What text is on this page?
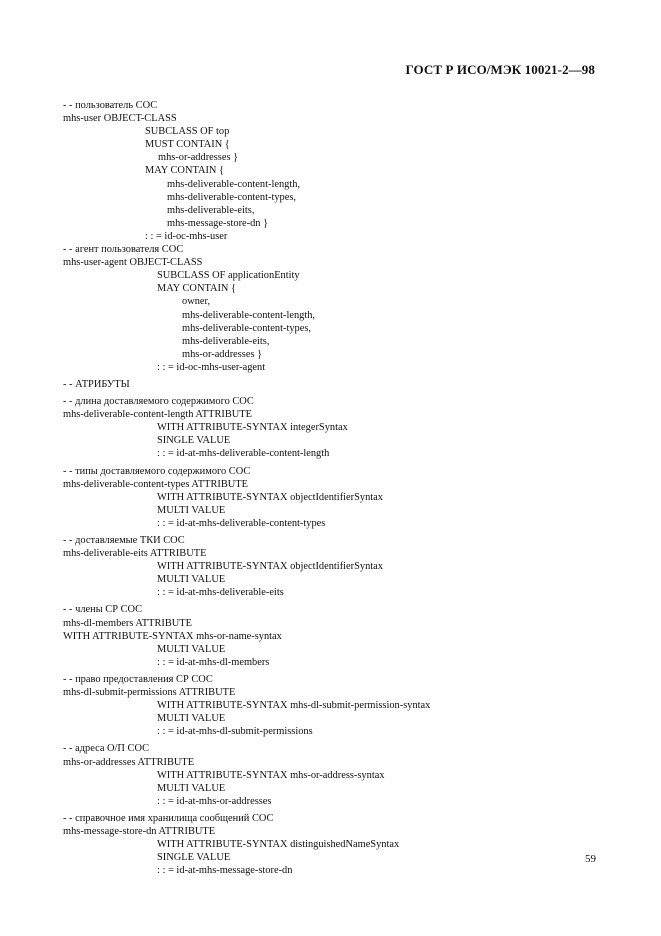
ГОСТ Р ИСО/МЭК 10021-2—98
- - пользователь СОС
mhs-user OBJECT-CLASS
SUBCLASS OF top
MUST CONTAIN {
mhs-or-addresses }
MAY CONTAIN {
mhs-deliverable-content-length,
mhs-deliverable-content-types,
mhs-deliverable-eits,
mhs-message-store-dn }
: : = id-oc-mhs-user
- - агент пользователя СОС
mhs-user-agent OBJECT-CLASS
SUBCLASS OF applicationEntity
MAY CONTAIN {
owner,
mhs-deliverable-content-length,
mhs-deliverable-content-types,
mhs-deliverable-eits,
mhs-or-addresses }
: : = id-oc-mhs-user-agent
- - АТРИБУТЫ
- - длина доставляемого содержимого СОС
mhs-deliverable-content-length ATTRIBUTE
WITH ATTRIBUTE-SYNTAX integerSyntax
SINGLE VALUE
: : = id-at-mhs-deliverable-content-length
- - типы доставляемого содержимого СОС
mhs-deliverable-content-types ATTRIBUTE
WITH ATTRIBUTE-SYNTAX objectIdentifierSyntax
MULTI VALUE
: : = id-at-mhs-deliverable-content-types
- - доставляемые ТКИ СОС
mhs-deliverable-eits ATTRIBUTE
WITH ATTRIBUTE-SYNTAX objectIdentifierSyntax
MULTI VALUE
: : = id-at-mhs-deliverable-eits
- - члены СР СОС
mhs-dl-members ATTRIBUTE
WITH ATTRIBUTE-SYNTAX mhs-or-name-syntax
MULTI VALUE
: : = id-at-mhs-dl-members
- - право предоставления СР СОС
mhs-dl-submit-permissions ATTRIBUTE
WITH ATTRIBUTE-SYNTAX mhs-dl-submit-permission-syntax
MULTI VALUE
: : = id-at-mhs-dl-submit-permissions
- - адреса О/П СОС
mhs-or-addresses ATTRIBUTE
WITH ATTRIBUTE-SYNTAX mhs-or-address-syntax
MULTI VALUE
: : = id-at-mhs-or-addresses
- - справочное имя хранилища сообщений СОС
mhs-message-store-dn ATTRIBUTE
WITH ATTRIBUTE-SYNTAX distinguishedNameSyntax
SINGLE VALUE
: : = id-at-mhs-message-store-dn
59
